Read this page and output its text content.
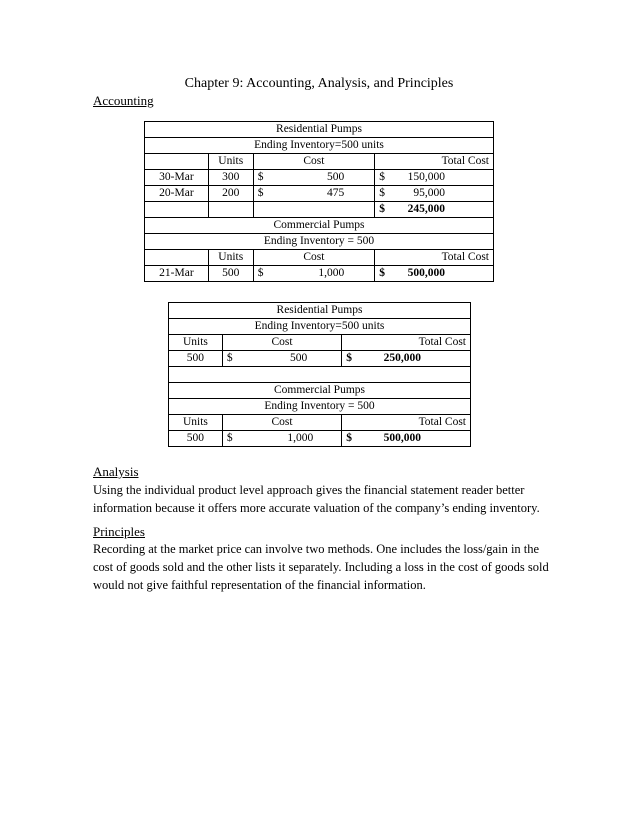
Chapter 9: Accounting, Analysis, and Principles
Accounting
Residential Pumps			
Ending Inventory=500 units			
	Units	Cost	Total Cost
30-Mar	300	$ 500	$ 150,000

20-Mar	200	$ 475	$ 95,000

			$ 245,000

Commercial Pumps			
Ending Inventory = 500			
	Units	Cost	Total Cost
21-Mar	500	$ 1,000	$ 500,000
Residential Pumps		
Ending Inventory=500 units		
Units	Cost	Total Cost
500	$ 500	$ 250,000

Commercial Pumps		
Ending Inventory = 500		
Units	Cost	Total Cost
500	$ 1,000	$ 500,000
Analysis
Using the individual product level approach gives the financial statement reader better information because it offers more accurate valuation of the company’s ending inventory.
Principles
Recording at the market price can involve two methods. One includes the loss/gain in the cost of goods sold and the other lists it separately. Including a loss in the cost of goods sold would not give faithful representation of the financial information.
